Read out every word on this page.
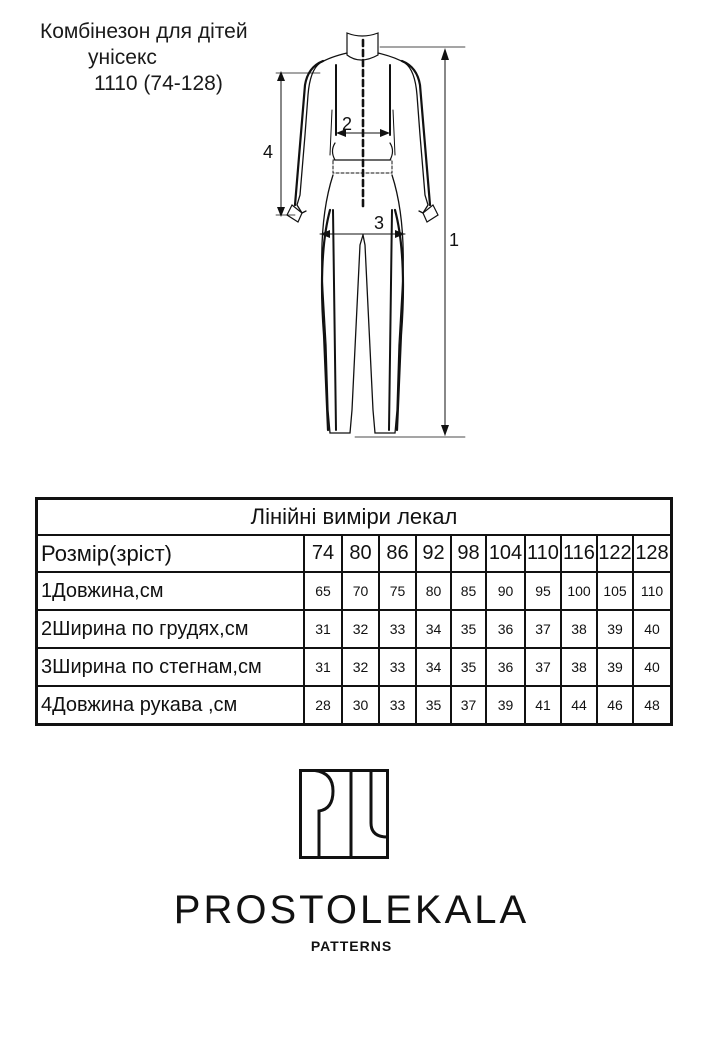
Комбінезон для дітей
унісекс
1110 (74-128)
4
2
3
1
Лінійні виміри лекал										
Розмір(зріст)	74	80	86	92	98	104	110	116	122	128
1Довжина,см	65	70	75	80	85	90	95	100	105	110
2Ширина по грудях,см	31	32	33	34	35	36	37	38	39	40
3Ширина по стегнам,см	31	32	33	34	35	36	37	38	39	40
4Довжина рукава ,см	28	30	33	35	37	39	41	44	46	48
PROSTOLEKALA
PATTERNS
